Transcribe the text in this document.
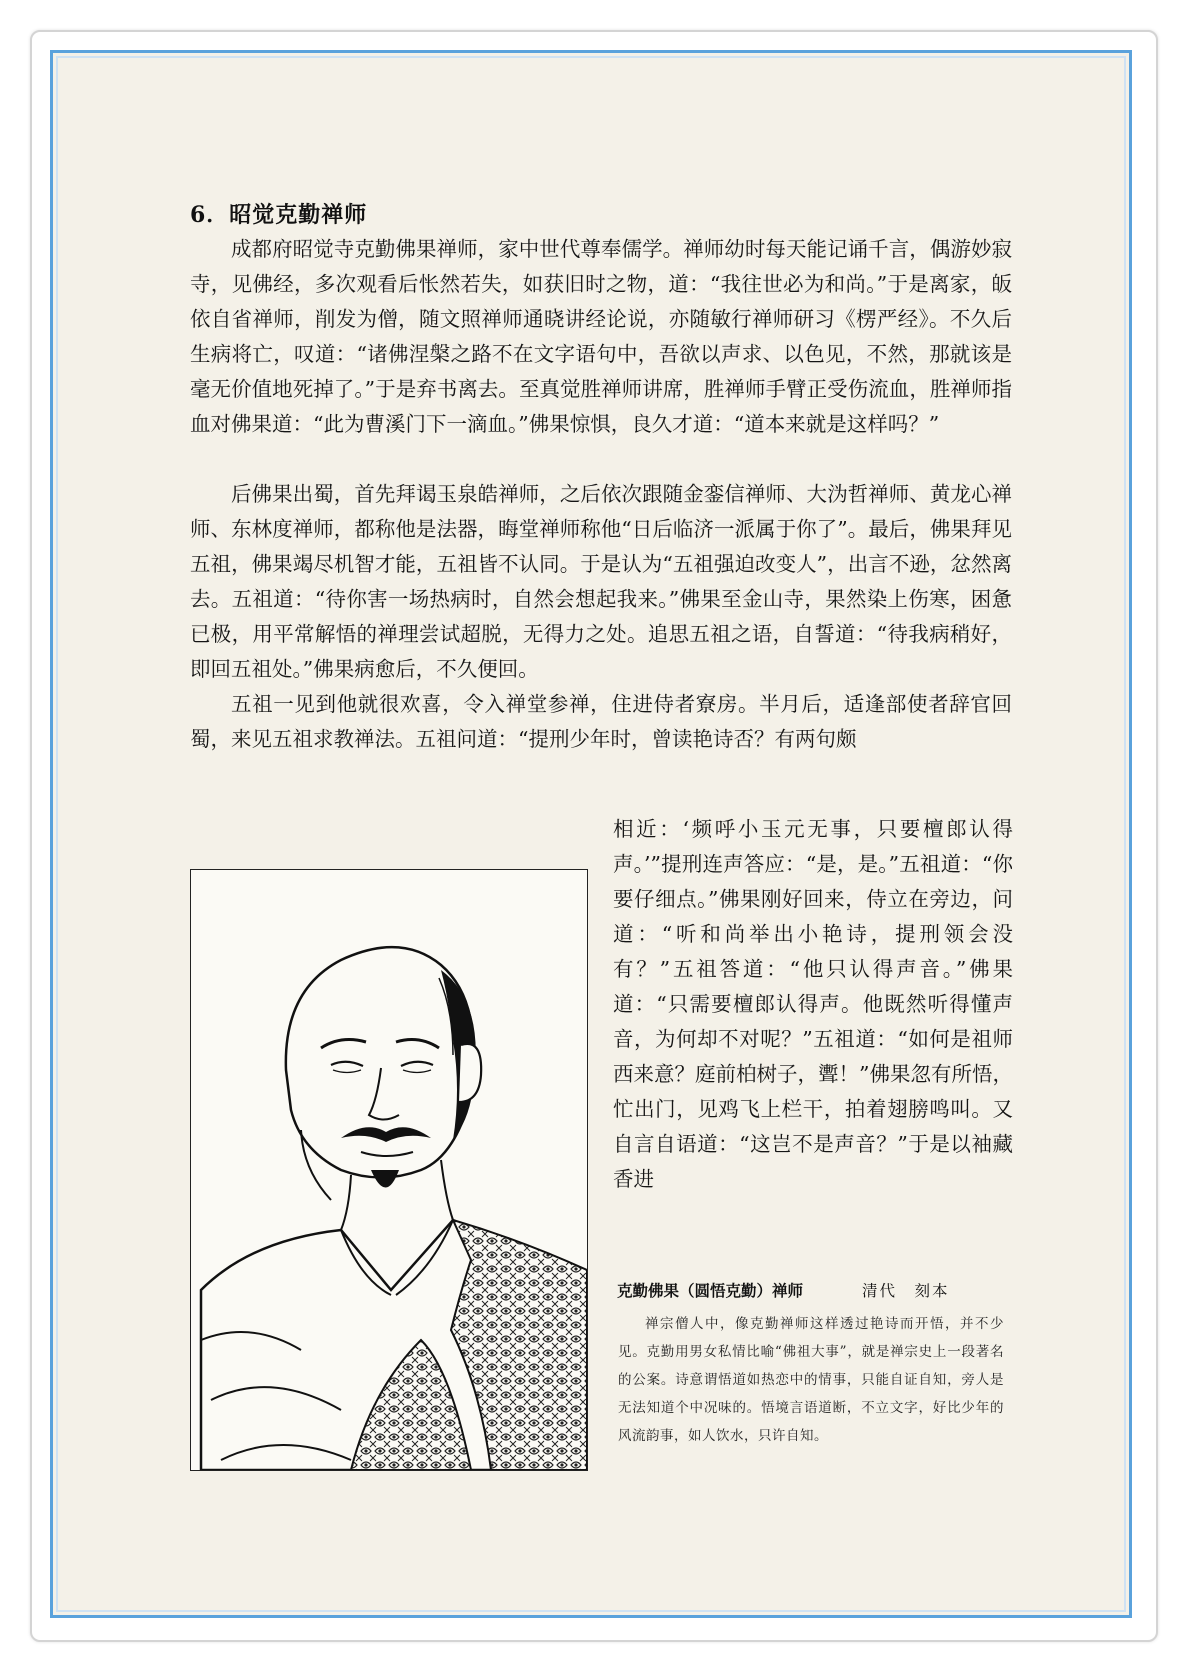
6．昭觉克勤禅师

成都府昭觉寺克勤佛果禅师，家中世代尊奉儒学。禅师幼时每天能记诵千言，偶游妙寂寺，见佛经，多次观看后怅然若失，如获旧时之物，道：“我往世必为和尚。”于是离家，皈依自省禅师，削发为僧，随文照禅师通晓讲经论说，亦随敏行禅师研习《楞严经》。不久后生病将亡，叹道：“诸佛涅槃之路不在文字语句中，吾欲以声求、以色见，不然，那就该是毫无价值地死掉了。”于是弃书离去。至真觉胜禅师讲席，胜禅师手臂正受伤流血，胜禅师指血对佛果道：“此为曹溪门下一滴血。”佛果惊惧，良久才道：“道本来就是这样吗？”

后佛果出蜀，首先拜谒玉泉皓禅师，之后依次跟随金銮信禅师、大沩哲禅师、黄龙心禅师、东林度禅师，都称他是法器，晦堂禅师称他“日后临济一派属于你了”。最后，佛果拜见五祖，佛果竭尽机智才能，五祖皆不认同。于是认为“五祖强迫改变人”，出言不逊，忿然离去。五祖道：“待你害一场热病时，自然会想起我来。”佛果至金山寺，果然染上伤寒，困惫已极，用平常解悟的禅理尝试超脱，无得力之处。追思五祖之语，自誓道：“待我病稍好，即回五祖处。”佛果病愈后，不久便回。

五祖一见到他就很欢喜，令入禅堂参禅，住进侍者寮房。半月后，适逢部使者辞官回蜀，来见五祖求教禅法。五祖问道：“提刑少年时，曾读艳诗否？有两句颇

相近：‘频呼小玉元无事，只要檀郎认得声。’”提刑连声答应：“是，是。”五祖道：“你要仔细点。”佛果刚好回来，侍立在旁边，问道：“听和尚举出小艳诗，提刑领会没有？”五祖答道：“他只认得声音。”佛果道：“只需要檀郎认得声。他既然听得懂声音，为何却不对呢？”五祖道：“如何是祖师西来意？庭前柏树子，聻！”佛果忽有所悟，忙出门，见鸡飞上栏干，拍着翅膀鸣叫。又自言自语道：“这岂不是声音？”于是以袖藏香进

克勤佛果（圆悟克勤）禅师	清代　刻本

禅宗僧人中，像克勤禅师这样透过艳诗而开悟，并不少见。克勤用男女私情比喻“佛祖大事”，就是禅宗史上一段著名的公案。诗意谓悟道如热恋中的情事，只能自证自知，旁人是无法知道个中况味的。悟境言语道断，不立文字，好比少年的风流韵事，如人饮水，只许自知。
